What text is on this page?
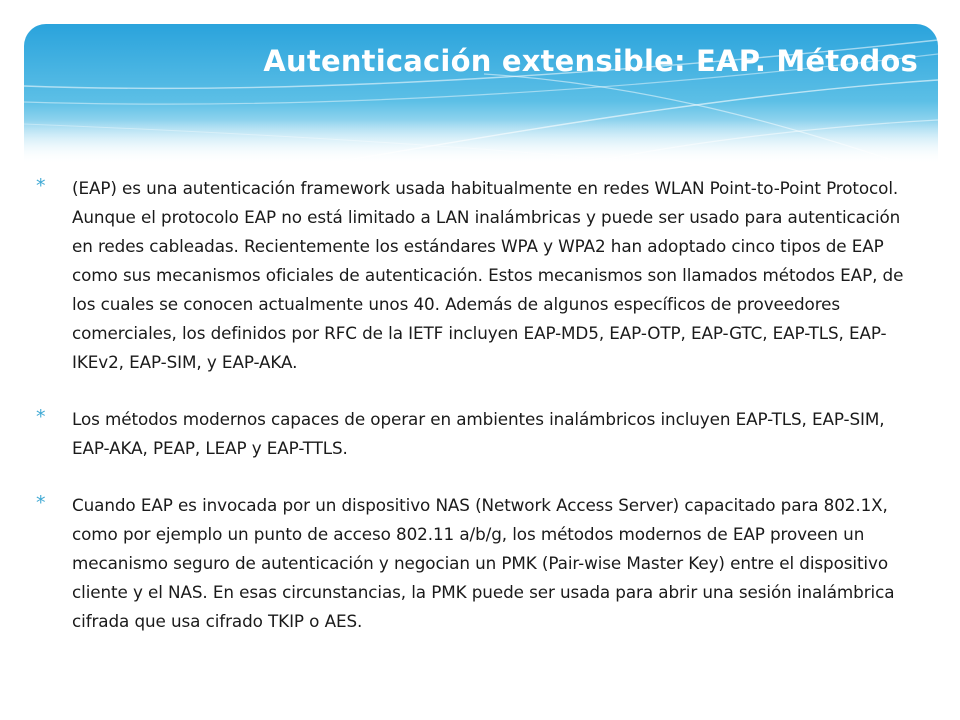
Autenticación extensible: EAP. Métodos
* (EAP) es una autenticación framework usada habitualmente en redes WLAN Point-to-Point Protocol. Aunque el protocolo EAP no está limitado a LAN inalámbricas y puede ser usado para autenticación en redes cableadas. Recientemente los estándares WPA y WPA2 han adoptado cinco tipos de EAP como sus mecanismos oficiales de autenticación. Estos mecanismos son llamados métodos EAP, de los cuales se conocen actualmente unos 40. Además de algunos específicos de proveedores comerciales, los definidos por RFC de la IETF incluyen EAP-MD5, EAP-OTP, EAP-GTC, EAP-TLS, EAP-IKEv2, EAP-SIM, y EAP-AKA.
* Los métodos modernos capaces de operar en ambientes inalámbricos incluyen EAP-TLS, EAP-SIM, EAP-AKA, PEAP, LEAP y EAP-TTLS.
* Cuando EAP es invocada por un dispositivo NAS (Network Access Server) capacitado para 802.1X, como por ejemplo un punto de acceso 802.11 a/b/g, los métodos modernos de EAP proveen un mecanismo seguro de autenticación y negocian un PMK (Pair-wise Master Key) entre el dispositivo cliente y el NAS. En esas circunstancias, la PMK puede ser usada para abrir una sesión inalámbrica cifrada que usa cifrado TKIP o AES.
